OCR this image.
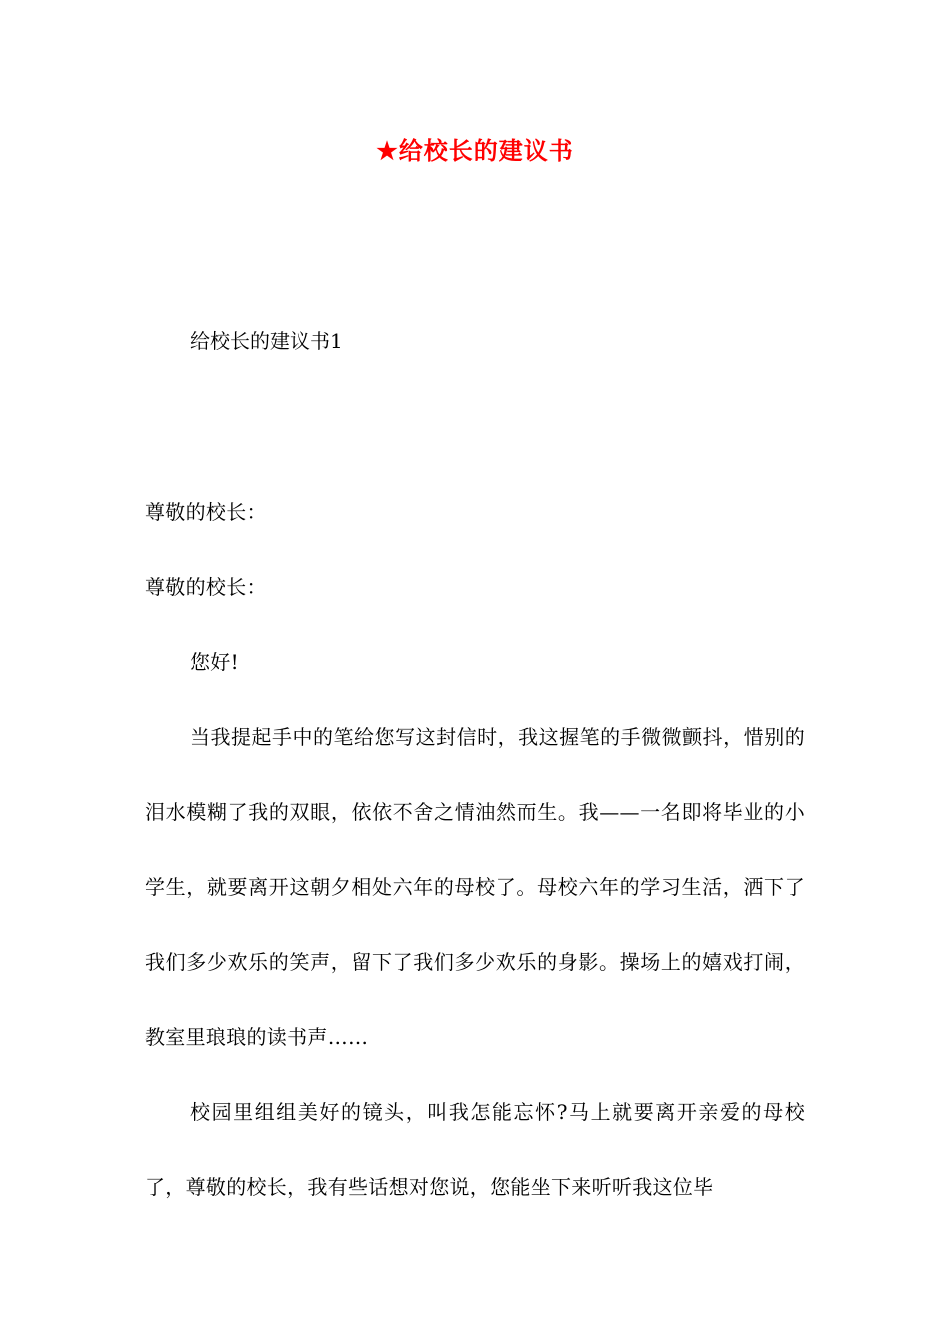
★给校长的建议书

给校长的建议书1

尊敬的校长：

尊敬的校长：

您好!

当我提起手中的笔给您写这封信时，我这握笔的手微微颤抖，惜别的泪水模糊了我的双眼，依依不舍之情油然而生。我——一名即将毕业的小学生，就要离开这朝夕相处六年的母校了。母校六年的学习生活，洒下了我们多少欢乐的笑声，留下了我们多少欢乐的身影。操场上的嬉戏打闹，教室里琅琅的读书声……

校园里组组美好的镜头，叫我怎能忘怀?马上就要离开亲爱的母校了，尊敬的校长，我有些话想对您说，您能坐下来听听我这位毕
